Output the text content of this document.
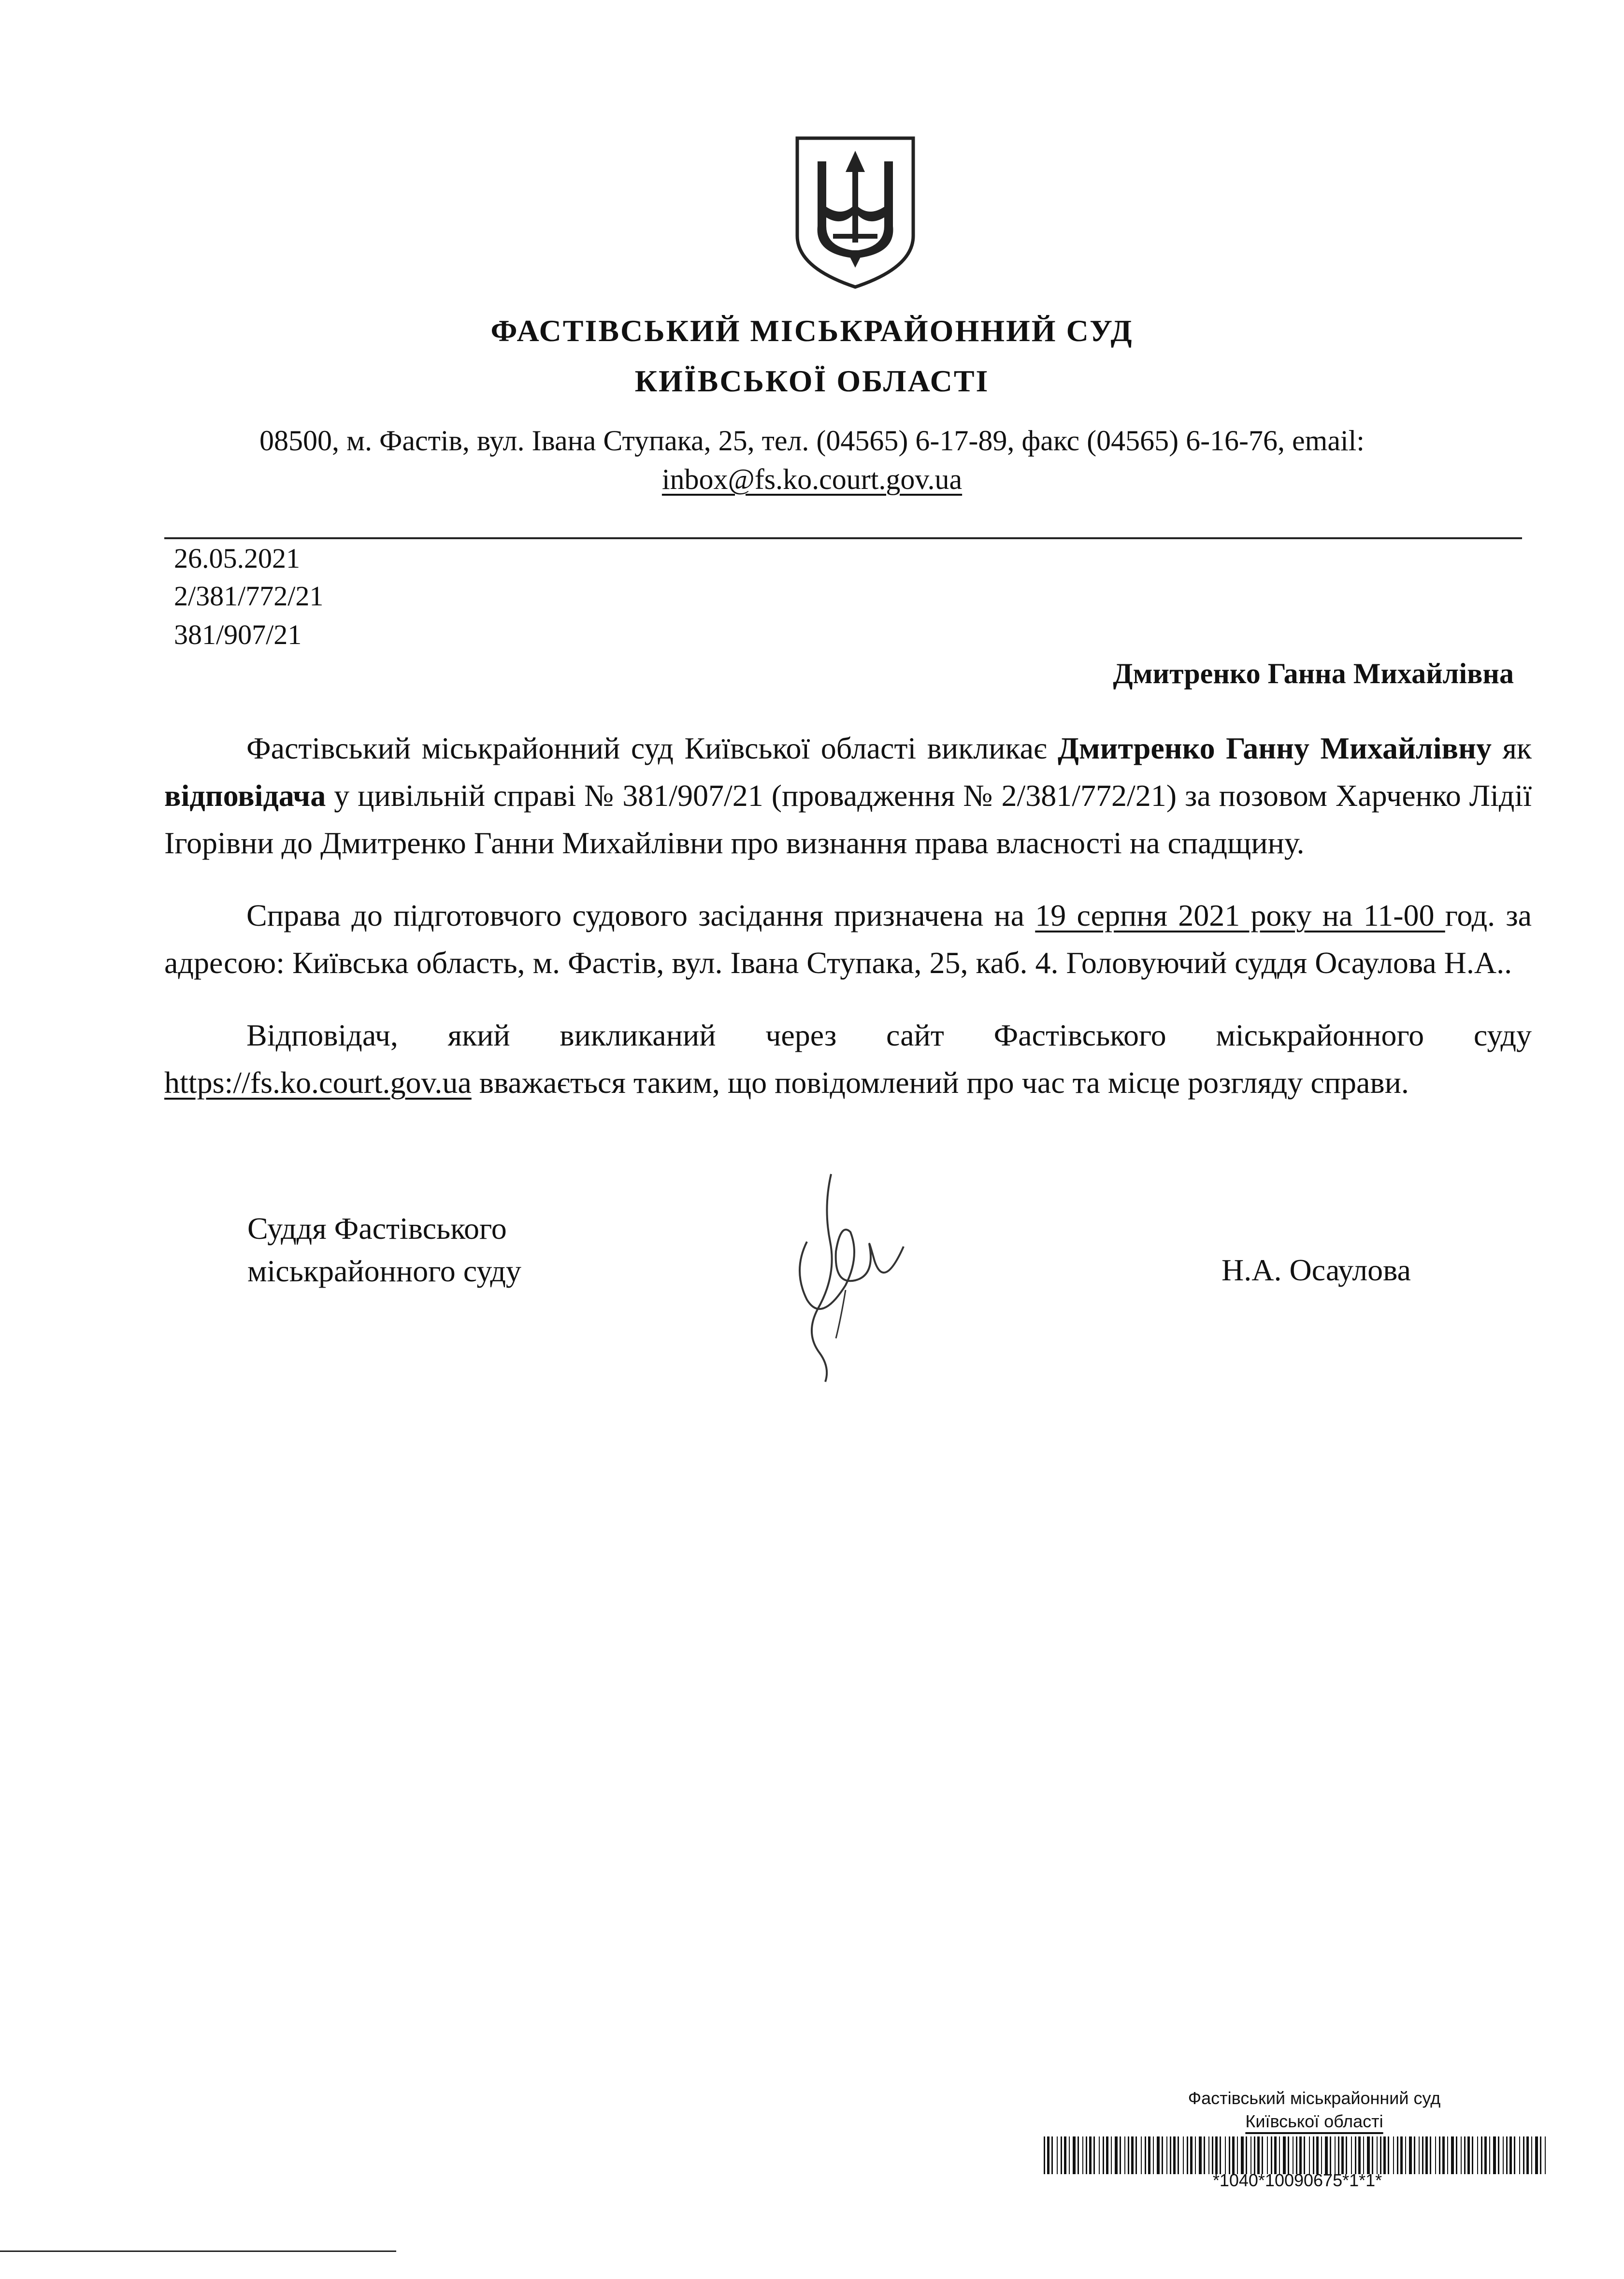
ФАСТІВСЬКИЙ МІСЬКРАЙОННИЙ СУД
КИЇВСЬКОЇ ОБЛАСТІ
08500, м. Фастів, вул. Івана Ступака, 25, тел. (04565) 6-17-89, факс (04565) 6-16-76, email:
inbox@fs.ko.court.gov.ua
26.05.2021
2/381/772/21
381/907/21
Дмитренко Ганна Михайлівна

Фастівський міськрайонний суд Київської області викликає Дмитренко Ганну Михайлівну як відповідача у цивільній справі № 381/907/21 (провадження № 2/381/772/21) за позовом Харченко Лідії Ігорівни до Дмитренко Ганни Михайлівни про визнання права власності на спадщину.

Справа до підготовчого судового засідання призначена на 19 серпня 2021 року на 11-00 год. за адресою: Київська область, м. Фастів, вул. Івана Ступака, 25, каб. 4. Головуючий суддя Осаулова Н.А..

Відповідач, який викликаний через сайт Фастівського міськрайонного суду https://fs.ko.court.gov.ua вважається таким, що повідомлений про час та місце розгляду справи.

Суддя Фастівського
міськрайонного суду	Н.А. Осаулова
Фастівський міськрайонний суд
Київської області
*1040*10090675*1*1*
